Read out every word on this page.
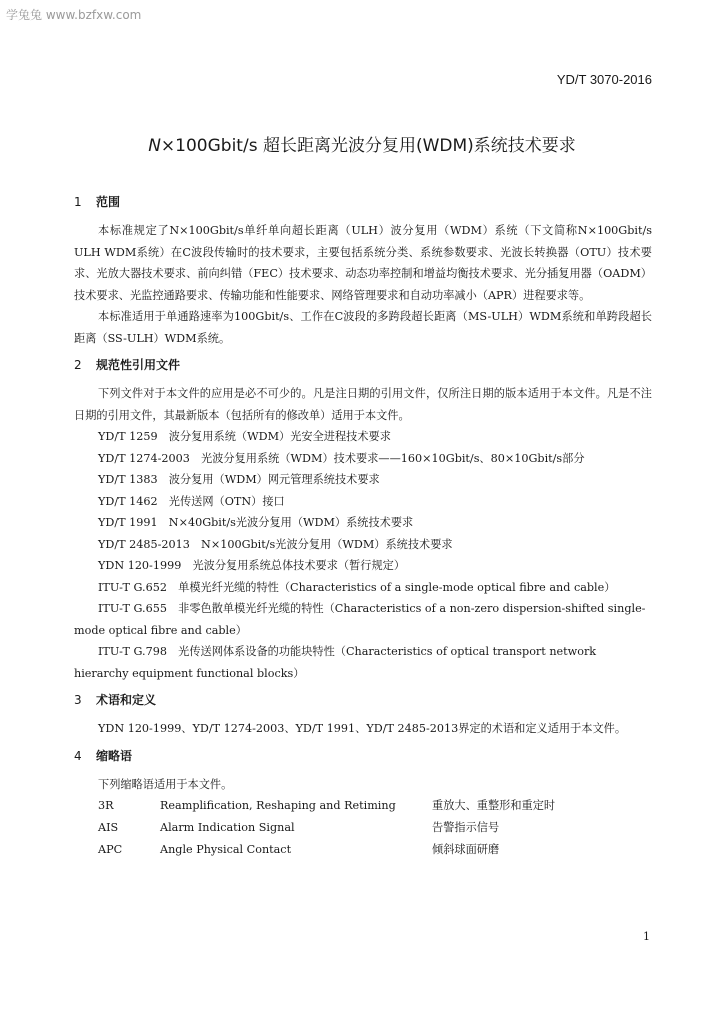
学兔兔 www.bzfxw.com
YD/T 3070-2016
N×100Gbit/s 超长距离光波分复用(WDM)系统技术要求
1 范围

本标准规定了N×100Gbit/s单纤单向超长距离（ULH）波分复用（WDM）系统（下文简称N×100Gbit/s ULH WDM系统）在C波段传输时的技术要求，主要包括系统分类、系统参数要求、光波长转换器（OTU）技术要求、光放大器技术要求、前向纠错（FEC）技术要求、动态功率控制和增益均衡技术要求、光分插复用器（OADM）技术要求、光监控通路要求、传输功能和性能要求、网络管理要求和自动功率减小（APR）进程要求等。

本标准适用于单通路速率为100Gbit/s、工作在C波段的多跨段超长距离（MS-ULH）WDM系统和单跨段超长距离（SS-ULH）WDM系统。

2 规范性引用文件

下列文件对于本文件的应用是必不可少的。凡是注日期的引用文件，仅所注日期的版本适用于本文件。凡是不注日期的引用文件，其最新版本（包括所有的修改单）适用于本文件。

YD/T 1259　波分复用系统（WDM）光安全进程技术要求
YD/T 1274-2003　光波分复用系统（WDM）技术要求——160×10Gbit/s、80×10Gbit/s部分
YD/T 1383　波分复用（WDM）网元管理系统技术要求
YD/T 1462　光传送网（OTN）接口
YD/T 1991　N×40Gbit/s光波分复用（WDM）系统技术要求
YD/T 2485-2013　N×100Gbit/s光波分复用（WDM）系统技术要求
YDN 120-1999　光波分复用系统总体技术要求（暂行规定）
ITU-T G.652　单模光纤光缆的特性（Characteristics of a single-mode optical fibre and cable）
ITU-T G.655　非零色散单模光纤光缆的特性（Characteristics of a non-zero dispersion-shifted single-mode optical fibre and cable）
ITU-T G.798　光传送网体系设备的功能块特性（Characteristics of optical transport network hierarchy equipment functional blocks）
3 术语和定义

YDN 120-1999、YD/T 1274-2003、YD/T 1991、YD/T 2485-2013界定的术语和定义适用于本文件。

4 缩略语

下列缩略语适用于本文件。

3R	Reamplification, Reshaping and Retiming	重放大、重整形和重定时
AIS	Alarm Indication Signal	告警指示信号
APC	Angle Physical Contact	倾斜球面研磨
1
